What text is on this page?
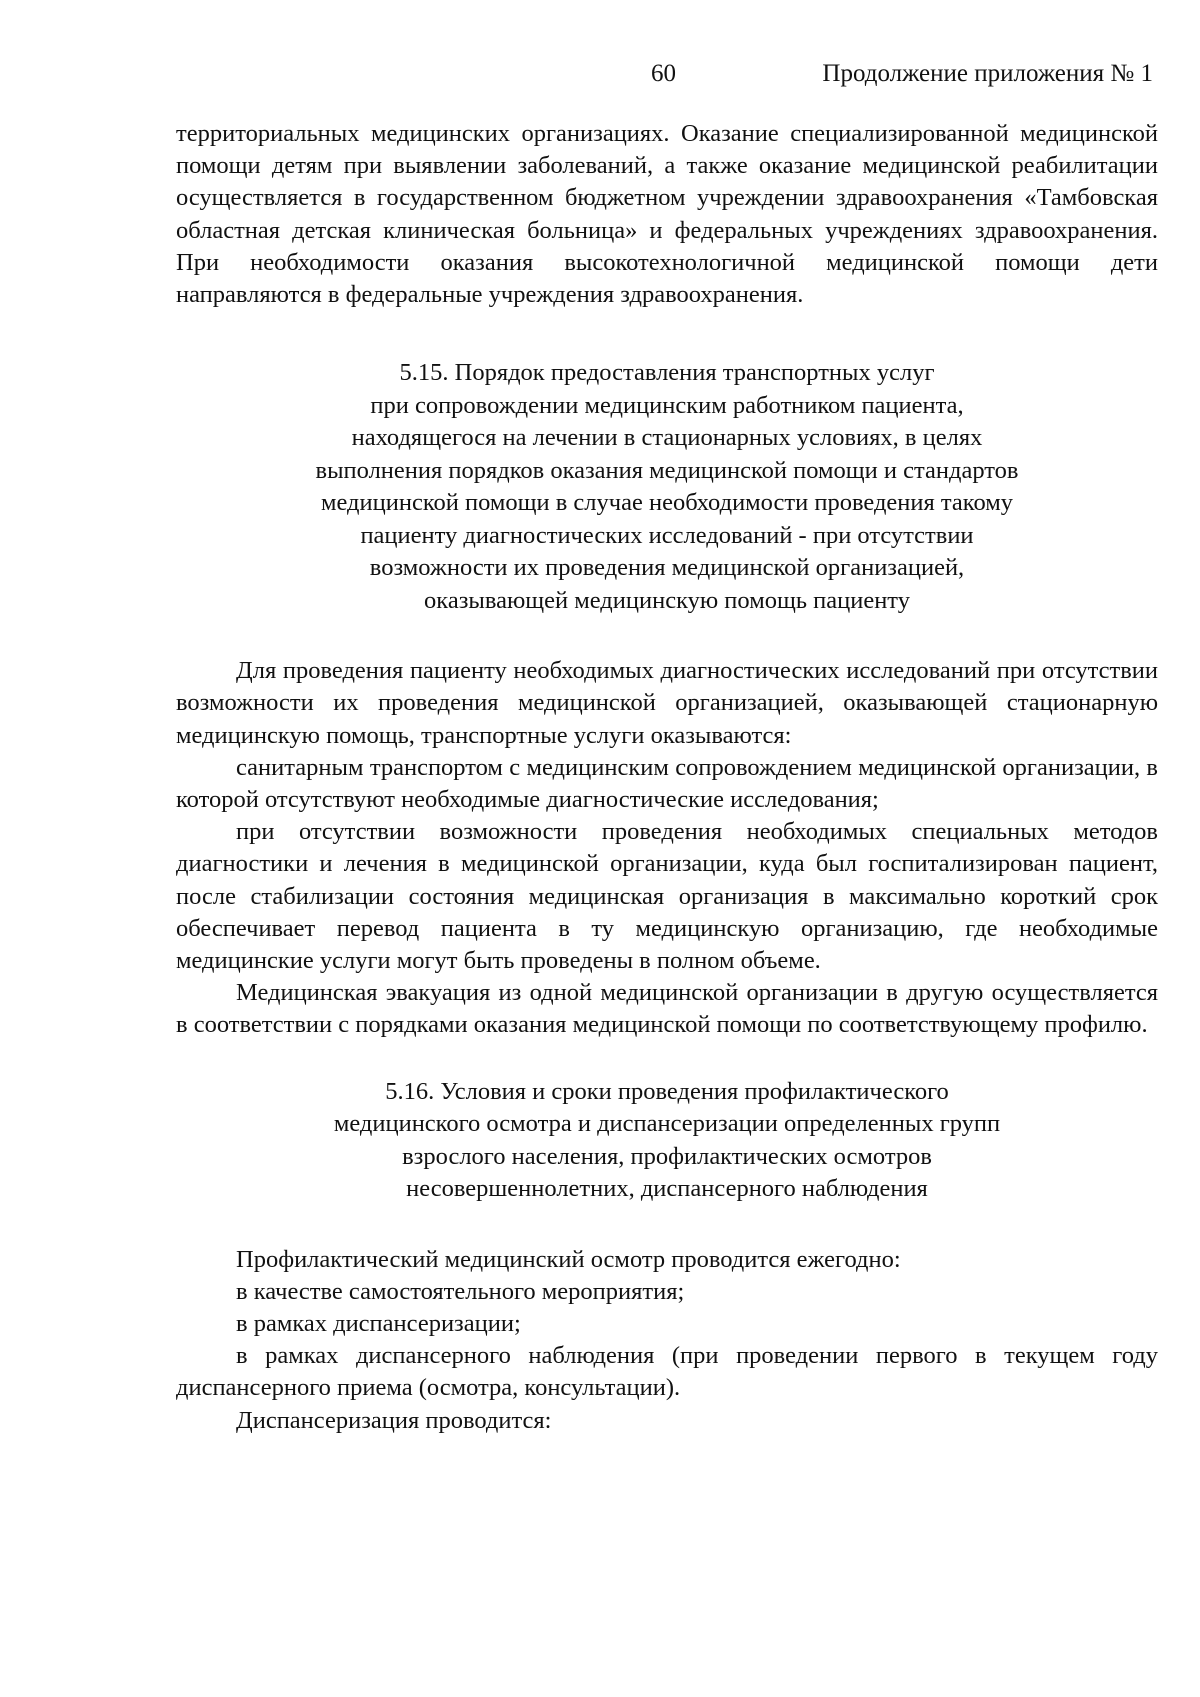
60	Продолжение приложения № 1

территориальных медицинских организациях. Оказание специализированной медицинской помощи детям при выявлении заболеваний, а также оказание медицинской реабилитации осуществляется в государственном бюджетном учреждении здравоохранения «Тамбовская областная детская клиническая больница» и федеральных учреждениях здравоохранения. При необходимости оказания высокотехнологичной медицинской помощи дети направляются в федеральные учреждения здравоохранения.

5.15. Порядок предоставления транспортных услуг
при сопровождении медицинским работником пациента,
находящегося на лечении в стационарных условиях, в целях
выполнения порядков оказания медицинской помощи и стандартов
медицинской помощи в случае необходимости проведения такому
пациенту диагностических исследований - при отсутствии
возможности их проведения медицинской организацией,
оказывающей медицинскую помощь пациенту

Для проведения пациенту необходимых диагностических исследований при отсутствии возможности их проведения медицинской организацией, оказывающей стационарную медицинскую помощь, транспортные услуги оказываются:

санитарным транспортом с медицинским сопровождением медицинской организации, в которой отсутствуют необходимые диагностические исследования;

при отсутствии возможности проведения необходимых специальных методов диагностики и лечения в медицинской организации, куда был госпитализирован пациент, после стабилизации состояния медицинская организация в максимально короткий срок обеспечивает перевод пациента в ту медицинскую организацию, где необходимые медицинские услуги могут быть проведены в полном объеме.

Медицинская эвакуация из одной медицинской организации в другую осуществляется в соответствии с порядками оказания медицинской помощи по соответствующему профилю.

5.16. Условия и сроки проведения профилактического
медицинского осмотра и диспансеризации определенных групп
взрослого населения, профилактических осмотров
несовершеннолетних, диспансерного наблюдения

Профилактический медицинский осмотр проводится ежегодно:

в качестве самостоятельного мероприятия;

в рамках диспансеризации;

в рамках диспансерного наблюдения (при проведении первого в текущем году диспансерного приема (осмотра, консультации).

Диспансеризация проводится:
